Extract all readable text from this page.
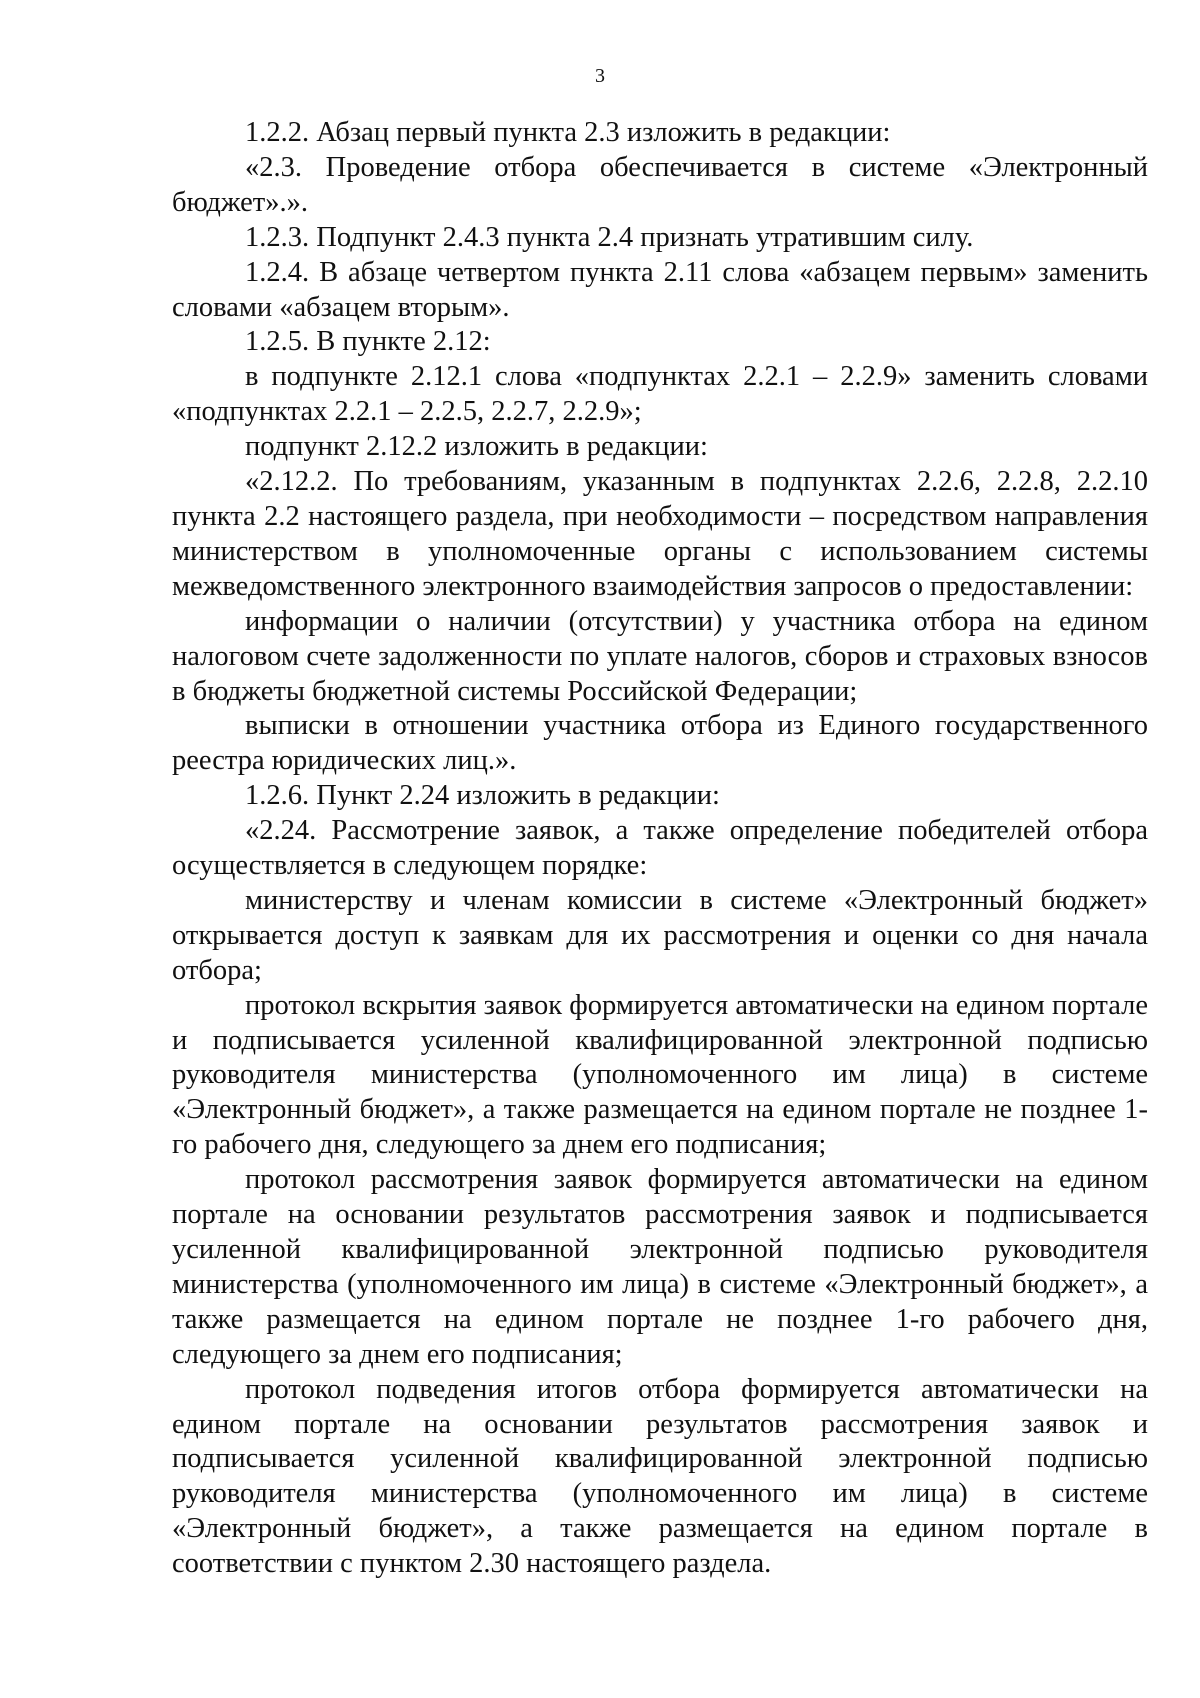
3

1.2.2. Абзац первый пункта 2.3 изложить в редакции:

«2.3. Проведение отбора обеспечивается в системе «Электронный бюджет».».

1.2.3. Подпункт 2.4.3 пункта 2.4 признать утратившим силу.

1.2.4. В абзаце четвертом пункта 2.11 слова «абзацем первым» заменить словами «абзацем вторым».

1.2.5. В пункте 2.12:

в подпункте 2.12.1 слова «подпунктах 2.2.1 – 2.2.9» заменить словами «подпунктах 2.2.1 – 2.2.5, 2.2.7, 2.2.9»;

подпункт 2.12.2 изложить в редакции:

«2.12.2. По требованиям, указанным в подпунктах 2.2.6, 2.2.8, 2.2.10 пункта 2.2 настоящего раздела, при необходимости – посредством направления министерством в уполномоченные органы с использованием системы межведомственного электронного взаимодействия запросов о предоставлении:

информации о наличии (отсутствии) у участника отбора на едином налоговом счете задолженности по уплате налогов, сборов и страховых взносов в бюджеты бюджетной системы Российской Федерации;

выписки в отношении участника отбора из Единого государственного реестра юридических лиц.».

1.2.6. Пункт 2.24 изложить в редакции:

«2.24. Рассмотрение заявок, а также определение победителей отбора осуществляется в следующем порядке:

министерству и членам комиссии в системе «Электронный бюджет» открывается доступ к заявкам для их рассмотрения и оценки со дня начала отбора;

протокол вскрытия заявок формируется автоматически на едином портале и подписывается усиленной квалифицированной электронной подписью руководителя министерства (уполномоченного им лица) в системе «Электронный бюджет», а также размещается на едином портале не позднее 1-го рабочего дня, следующего за днем его подписания;

протокол рассмотрения заявок формируется автоматически на едином портале на основании результатов рассмотрения заявок и подписывается усиленной квалифицированной электронной подписью руководителя министерства (уполномоченного им лица) в системе «Электронный бюджет», а также размещается на едином портале не позднее 1-го рабочего дня, следующего за днем его подписания;

протокол подведения итогов отбора формируется автоматически на едином портале на основании результатов рассмотрения заявок и подписывается усиленной квалифицированной электронной подписью руководителя министерства (уполномоченного им лица) в системе «Электронный бюджет», а также размещается на едином портале в соответствии с пунктом 2.30 настоящего раздела.
